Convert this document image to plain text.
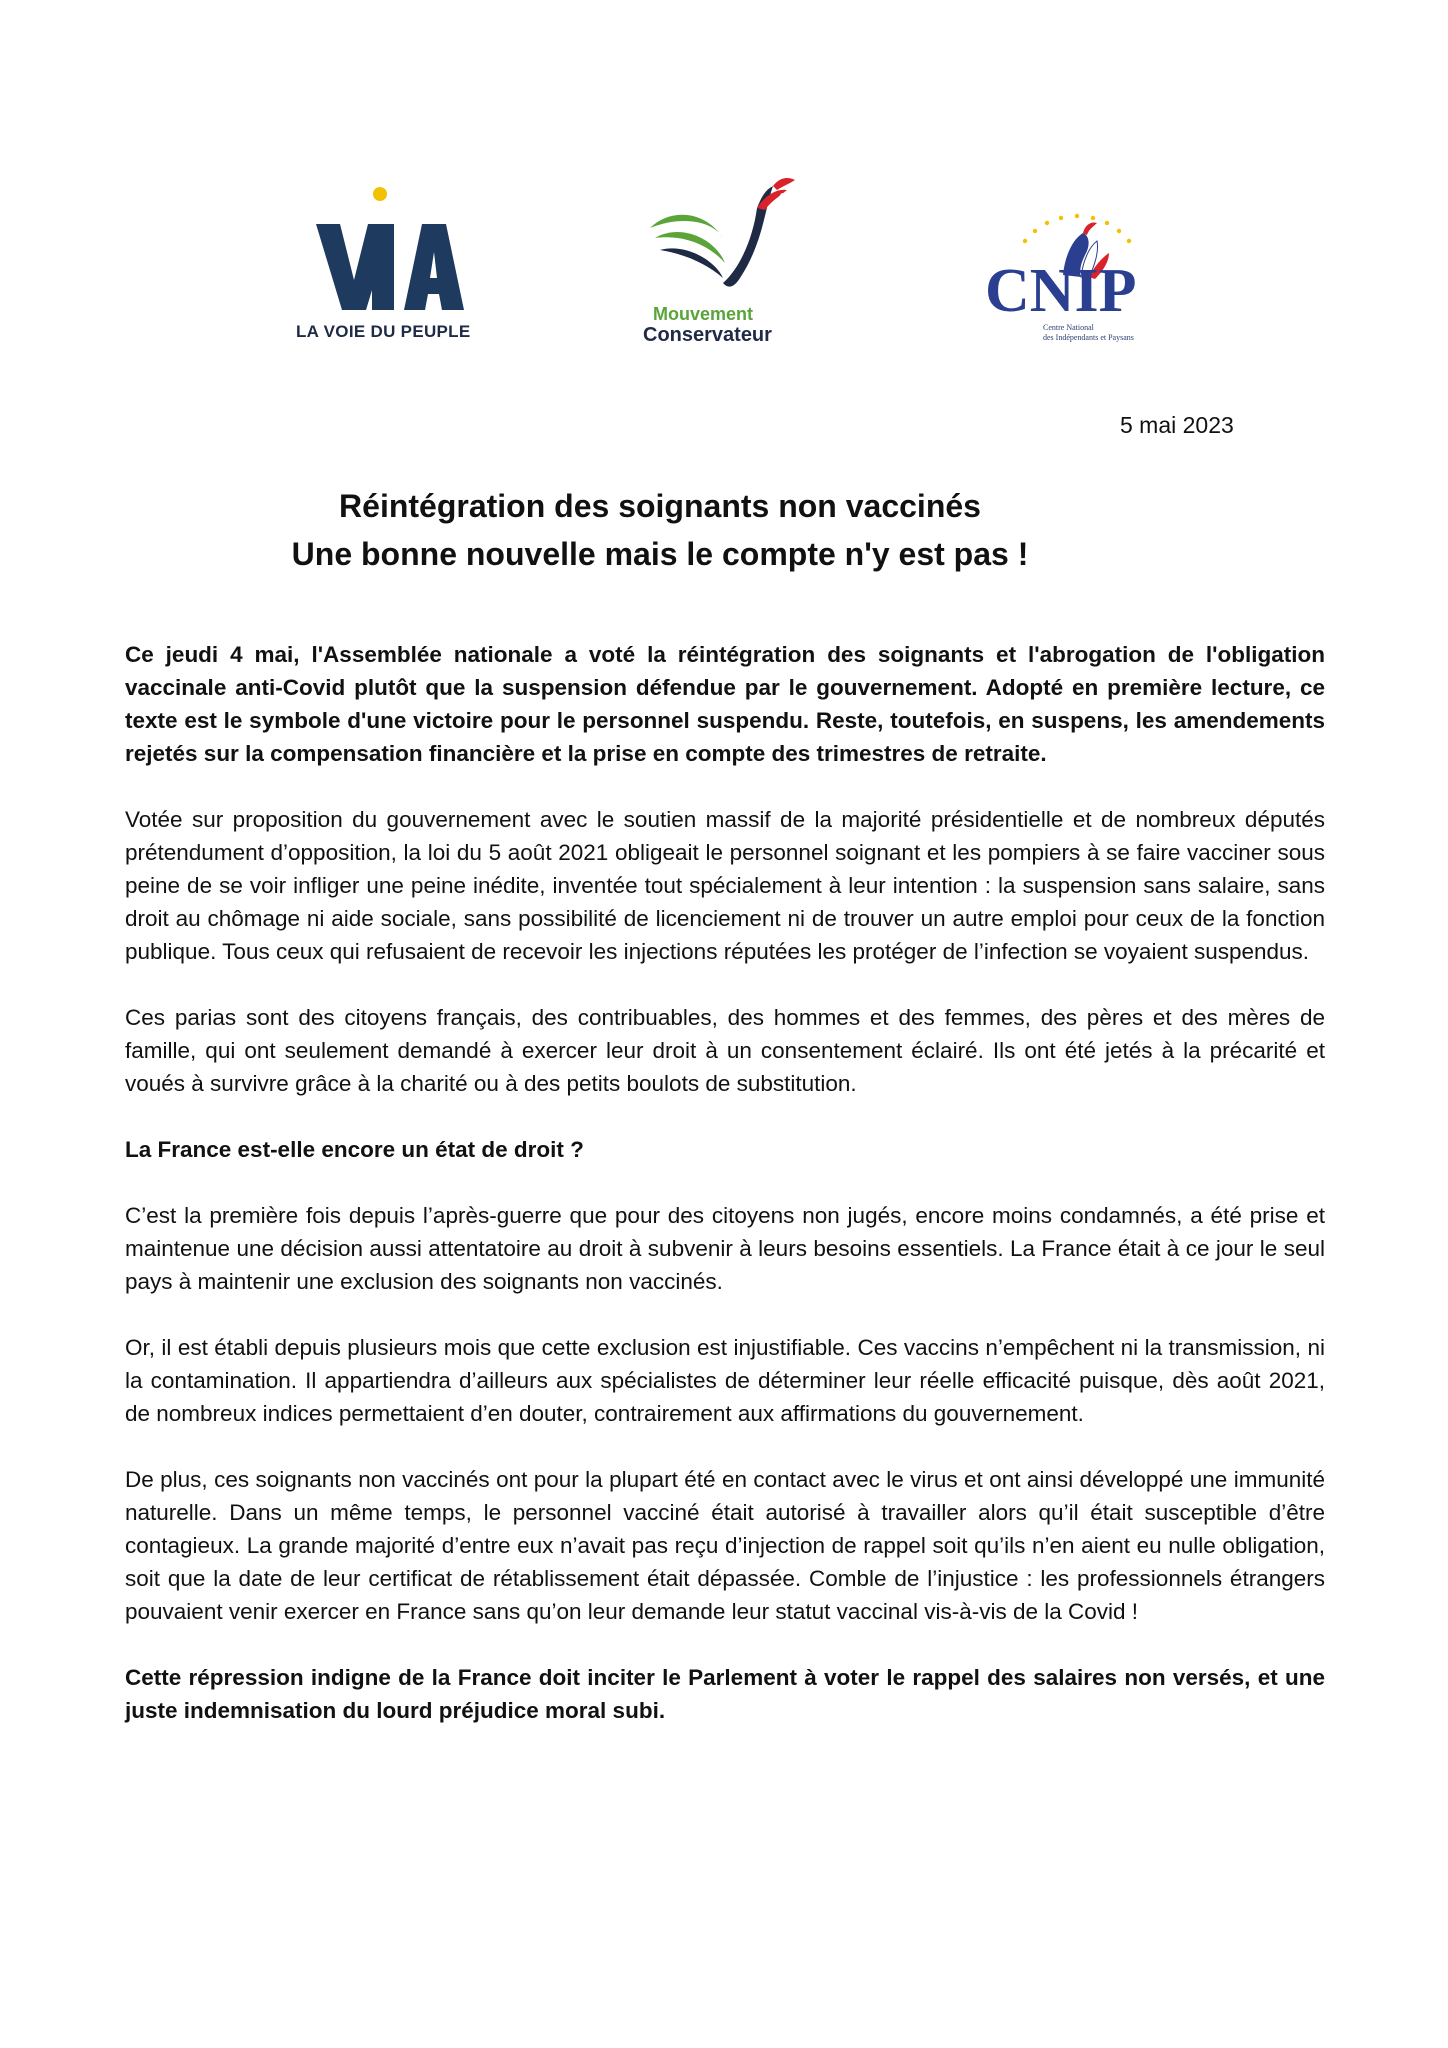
LA VOIE DU PEUPLE
Mouvement
Conservateur
CNIP
Centre National
des Indépendants et Paysans
5 mai 2023
Réintégration des soignants non vaccinés
Une bonne nouvelle mais le compte n'y est pas !

Ce jeudi 4 mai, l'Assemblée nationale a voté la réintégration des soignants et l'abrogation de l'obligation vaccinale anti-Covid plutôt que la suspension défendue par le gouvernement. Adopté en première lecture, ce texte est le symbole d'une victoire pour le personnel suspendu. Reste, toutefois, en suspens, les amendements rejetés sur la compensation financière et la prise en compte des trimestres de retraite.

Votée sur proposition du gouvernement avec le soutien massif de la majorité présidentielle et de nombreux députés prétendument d’opposition, la loi du 5 août 2021 obligeait le personnel soignant et les pompiers à se faire vacciner sous peine de se voir infliger une peine inédite, inventée tout spécialement à leur intention : la suspension sans salaire, sans droit au chômage ni aide sociale, sans possibilité de licenciement ni de trouver un autre emploi pour ceux de la fonction publique. Tous ceux qui refusaient de recevoir les injections réputées les protéger de l’infection se voyaient suspendus.

Ces parias sont des citoyens français, des contribuables, des hommes et des femmes, des pères et des mères de famille, qui ont seulement demandé à exercer leur droit à un consentement éclairé. Ils ont été jetés à la précarité et voués à survivre grâce à la charité ou à des petits boulots de substitution.

La France est-elle encore un état de droit ?

C’est la première fois depuis l’après-guerre que pour des citoyens non jugés, encore moins condamnés, a été prise et maintenue une décision aussi attentatoire au droit à subvenir à leurs besoins essentiels. La France était à ce jour le seul pays à maintenir une exclusion des soignants non vaccinés.

Or, il est établi depuis plusieurs mois que cette exclusion est injustifiable. Ces vaccins n’empêchent ni la transmission, ni la contamination. Il appartiendra d’ailleurs aux spécialistes de déterminer leur réelle efficacité puisque, dès août 2021, de nombreux indices permettaient d’en douter, contrairement aux affirmations du gouvernement.

De plus, ces soignants non vaccinés ont pour la plupart été en contact avec le virus et ont ainsi développé une immunité naturelle. Dans un même temps, le personnel vacciné était autorisé à travailler alors qu’il était susceptible d’être contagieux. La grande majorité d’entre eux n’avait pas reçu d’injection de rappel soit qu’ils n’en aient eu nulle obligation, soit que la date de leur certificat de rétablissement était dépassée. Comble de l’injustice : les professionnels étrangers pouvaient venir exercer en France sans qu’on leur demande leur statut vaccinal vis-à-vis de la Covid !

Cette répression indigne de la France doit inciter le Parlement à voter le rappel des salaires non versés, et une juste indemnisation du lourd préjudice moral subi.
